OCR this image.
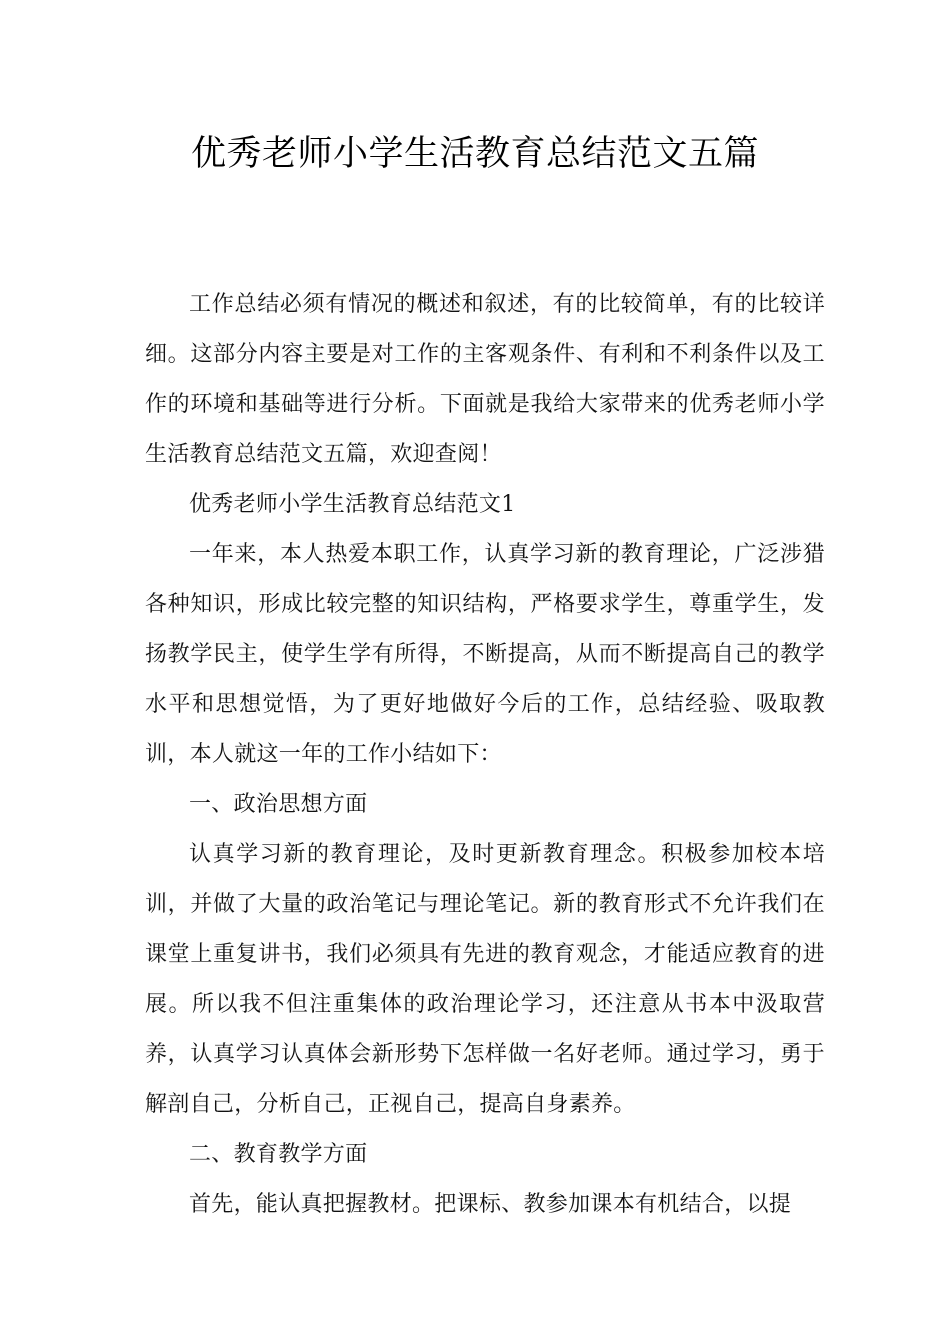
优秀老师小学生活教育总结范文五篇

工作总结必须有情况的概述和叙述，有的比较简单，有的比较详细。这部分内容主要是对工作的主客观条件、有利和不利条件以及工作的环境和基础等进行分析。下面就是我给大家带来的优秀老师小学生活教育总结范文五篇，欢迎查阅！

优秀老师小学生活教育总结范文1

一年来，本人热爱本职工作，认真学习新的教育理论，广泛涉猎各种知识，形成比较完整的知识结构，严格要求学生，尊重学生，发扬教学民主，使学生学有所得，不断提高，从而不断提高自己的教学水平和思想觉悟，为了更好地做好今后的工作，总结经验、吸取教训，本人就这一年的工作小结如下：

一、政治思想方面

认真学习新的教育理论，及时更新教育理念。积极参加校本培训，并做了大量的政治笔记与理论笔记。新的教育形式不允许我们在课堂上重复讲书，我们必须具有先进的教育观念，才能适应教育的进展。所以我不但注重集体的政治理论学习，还注意从书本中汲取营养，认真学习认真体会新形势下怎样做一名好老师。通过学习，勇于解剖自己，分析自己，正视自己，提高自身素养。

二、教育教学方面

首先，能认真把握教材。把课标、教参加课本有机结合，以提
